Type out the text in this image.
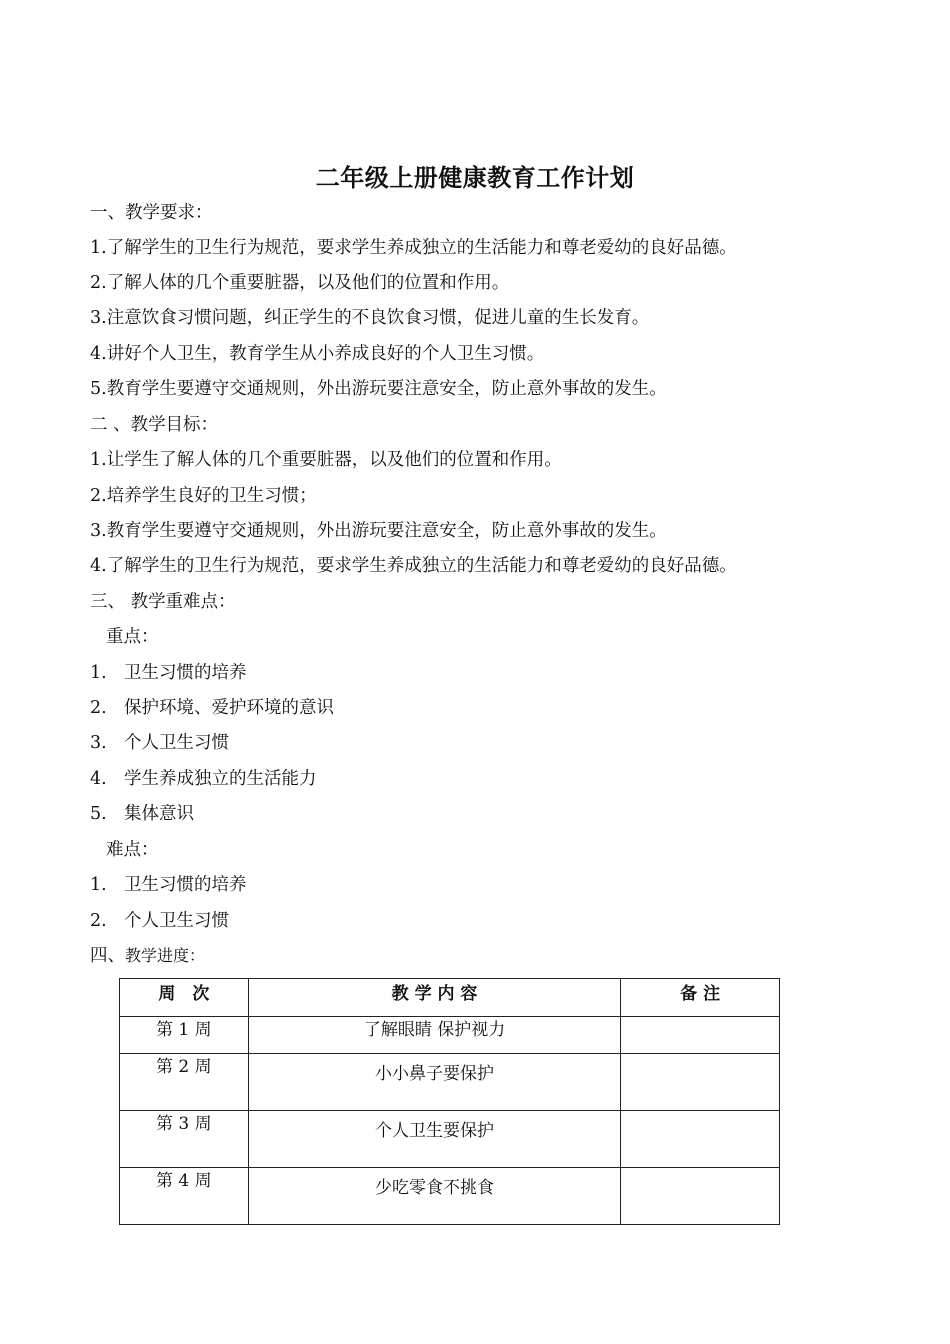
二年级上册健康教育工作计划
一、教学要求：
1.了解学生的卫生行为规范，要求学生养成独立的生活能力和尊老爱幼的良好品德。
2.了解人体的几个重要脏器，以及他们的位置和作用。
3.注意饮食习惯问题，纠正学生的不良饮食习惯，促进儿童的生长发育。
4.讲好个人卫生，教育学生从小养成良好的个人卫生习惯。
5.教育学生要遵守交通规则，外出游玩要注意安全，防止意外事故的发生。
二 、教学目标：
1.让学生了解人体的几个重要脏器，以及他们的位置和作用。
2.培养学生良好的卫生习惯；
3.教育学生要遵守交通规则，外出游玩要注意安全，防止意外事故的发生。
4.了解学生的卫生行为规范，要求学生养成独立的生活能力和尊老爱幼的良好品德。
三、 教学重难点：
重点：
1. 卫生习惯的培养
2. 保护环境、爱护环境的意识
3. 个人卫生习惯
4. 学生养成独立的生活能力
5. 集体意识
难点：
1. 卫生习惯的培养
2. 个人卫生习惯
四、教学进度：
周　次	教 学 内 容	备 注
第 1 周	了解眼睛 保护视力	
第 2 周	小小鼻子要保护	
第 3 周	个人卫生要保护	
第 4 周	少吃零食不挑食	
